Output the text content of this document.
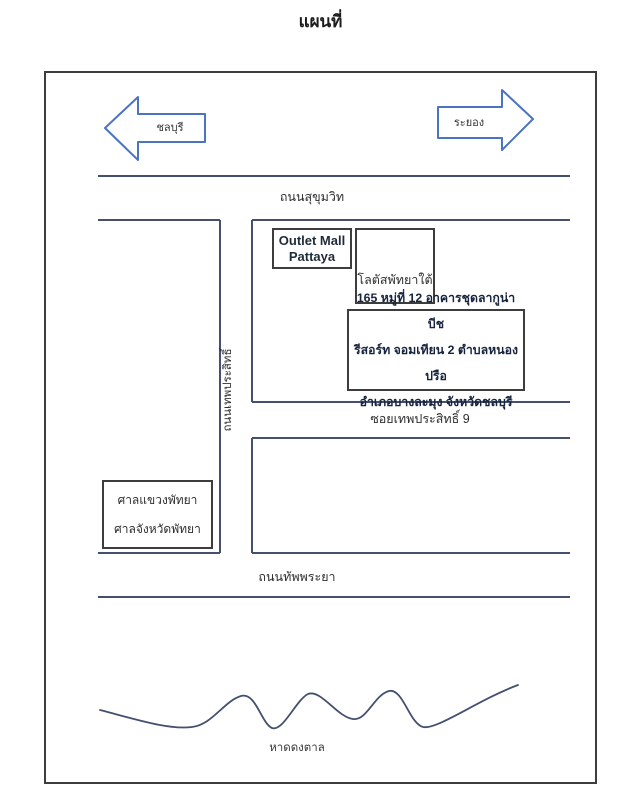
แผนที่
ชลบุรี	ระยอง
ถนนสุขุมวิท
ถนนเทพประสิทธิ์	ซอยเทพประสิทธิ์ 9
ถนนทัพพระยา
Outlet Mall
Pattaya
โลตัสพัทยาใต้
165 หมู่ที่ 12 อาคารชุดลากูน่าบีช
รีสอร์ท จอมเทียน 2 ตำบลหนองปรือ
อำเภอบางละมุง จังหวัดชลบุรี
ศาลแขวงพัทยา
ศาลจังหวัดพัทยา
หาดดงตาล
